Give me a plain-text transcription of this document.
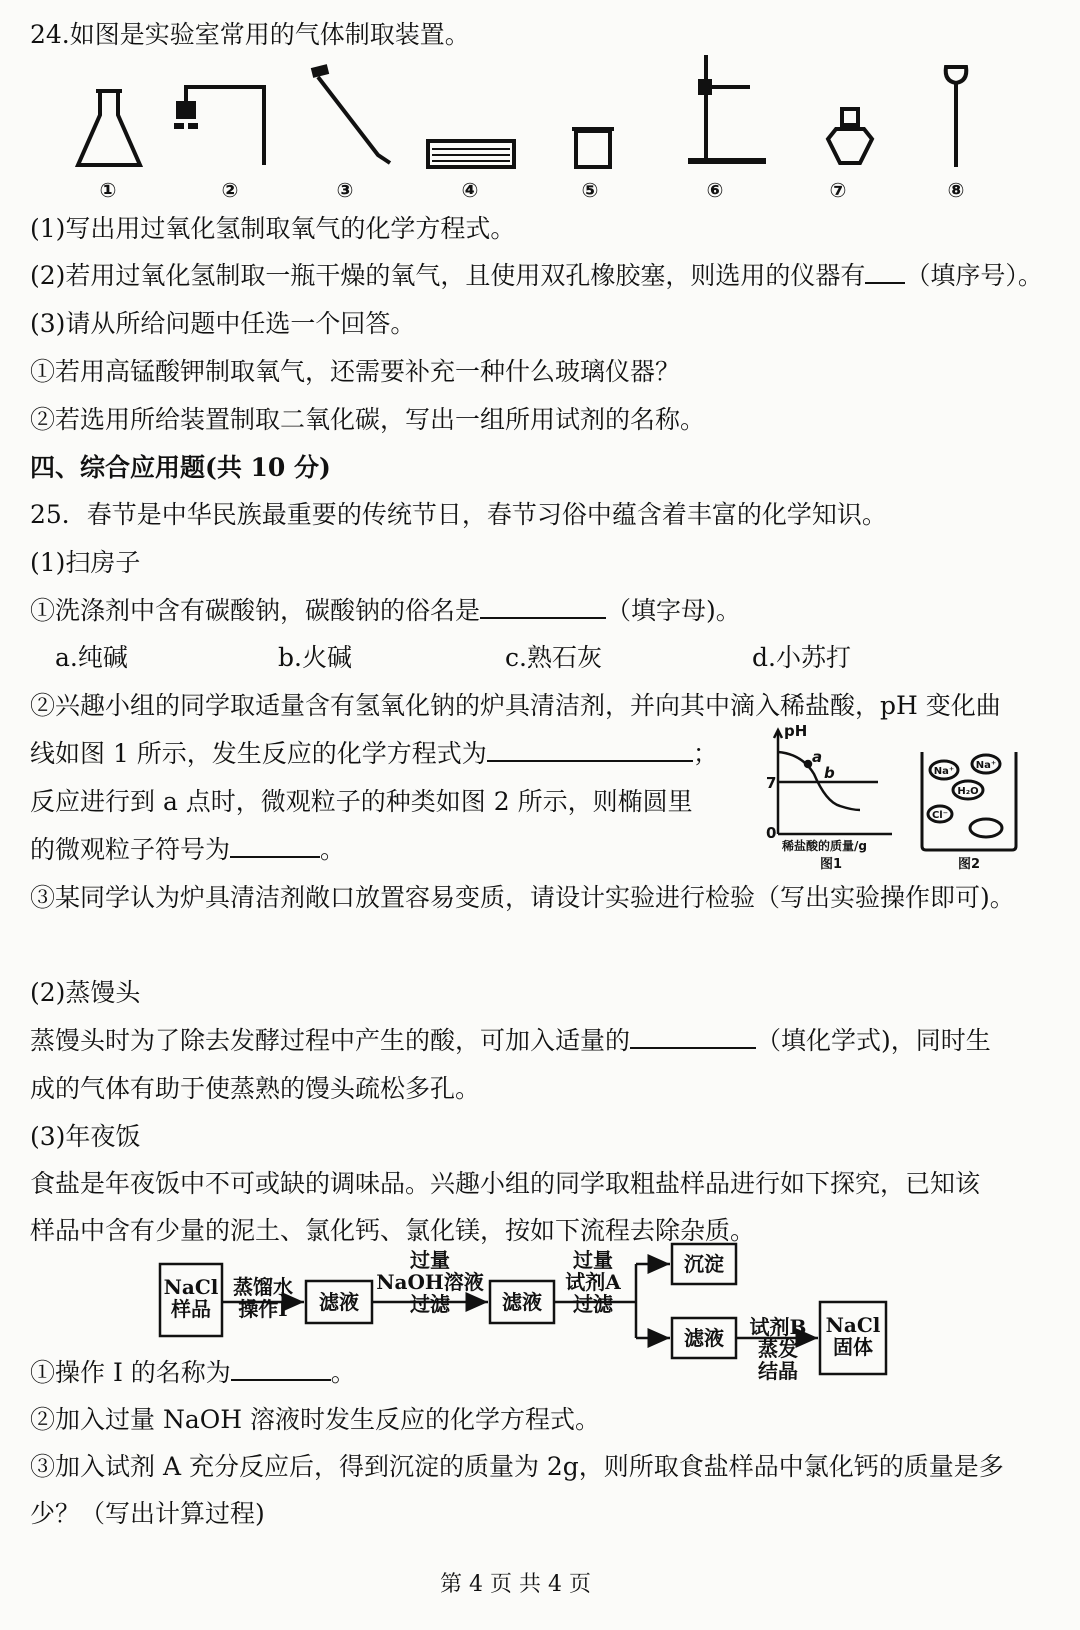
24.如图是实验室常用的气体制取装置。
①	②	③	④	⑤	⑥	⑦	⑧
(1)写出用过氧化氢制取氧气的化学方程式。
(2)若用过氧化氢制取一瓶干燥的氧气，且使用双孔橡胶塞，则选用的仪器有 （填序号）。
(3)请从所给问题中任选一个回答。
①若用高锰酸钾制取氧气，还需要补充一种什么玻璃仪器？
②若选用所给装置制取二氧化碳，写出一组所用试剂的名称。
四、综合应用题(共 10 分)
25．春节是中华民族最重要的传统节日，春节习俗中蕴含着丰富的化学知识。
(1)扫房子
①洗涤剂中含有碳酸钠，碳酸钠的俗名是	（填字母)。
a.纯碱	b.火碱	c.熟石灰	d.小苏打
②兴趣小组的同学取适量含有氢氧化钠的炉具清洁剂，并向其中滴入稀盐酸，pH 变化曲
线如图 1 所示，发生反应的化学方程式为	；
反应进行到 a 点时，微观粒子的种类如图 2 所示，则椭圆里
的微观粒子符号为	。
pH
7
0
a
b
稀盐酸的质量/g
图1
Na⁺
Na⁺
H₂O
Cl⁻
图2
③某同学认为炉具清洁剂敞口放置容易变质，请设计实验进行检验（写出实验操作即可)。
(2)蒸馒头
蒸馒头时为了除去发酵过程中产生的酸，可加入适量的	（填化学式)，同时生
成的气体有助于使蒸熟的馒头疏松多孔。
(3)年夜饭
食盐是年夜饭中不可或缺的调味品。兴趣小组的同学取粗盐样品进行如下探究，已知该
样品中含有少量的泥土、氯化钙、氯化镁，按如下流程去除杂质。
NaCl
样品
蒸馏水
操作Ⅰ	滤液
过量
NaOH溶液
过滤	滤液
过量
试剂A
过滤
沉淀
滤液	试剂B
蒸发
结晶
NaCl
固体
①操作 I 的名称为	。
②加入过量 NaOH 溶液时发生反应的化学方程式。
③加入试剂 A 充分反应后，得到沉淀的质量为 2g，则所取食盐样品中氯化钙的质量是多
少？（写出计算过程)
第 4 页 共 4 页
